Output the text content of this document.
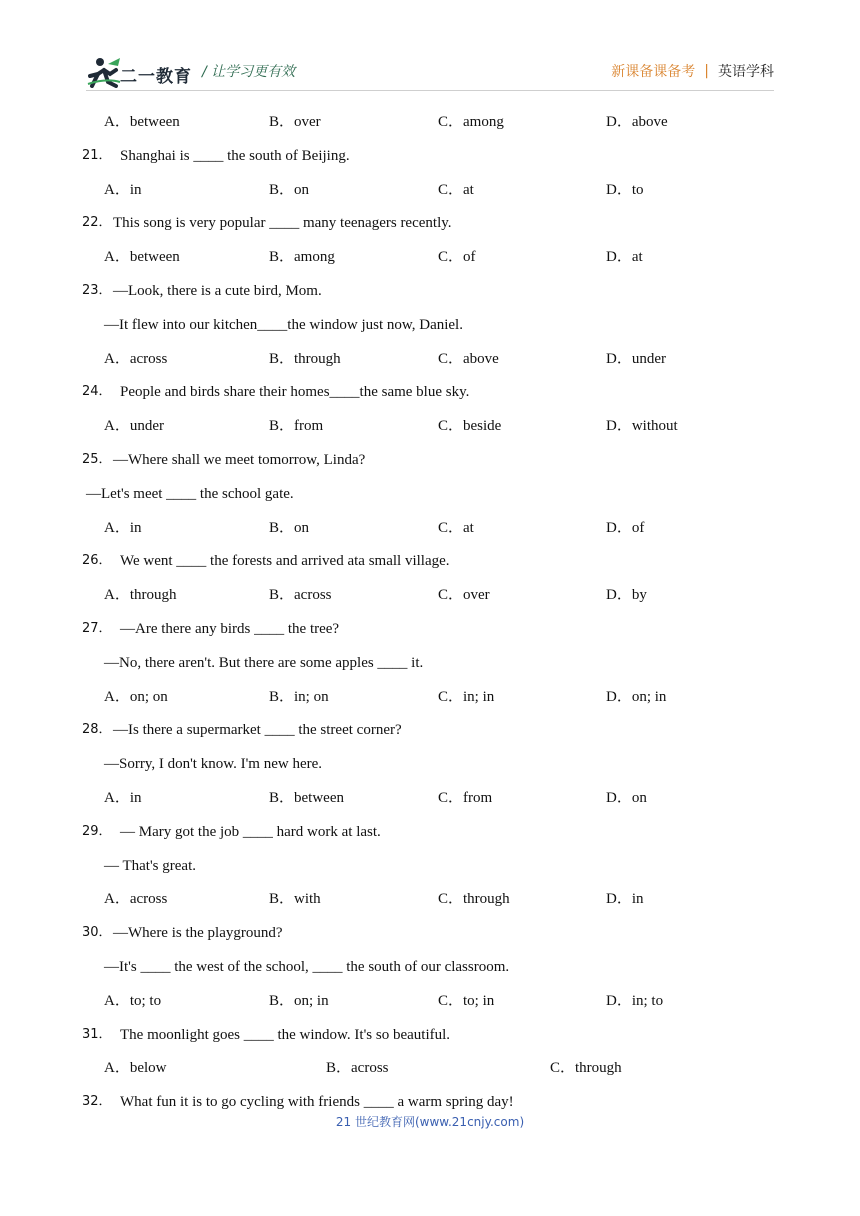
二一教育 / 让学习更有效	新课备课备考 | 英语学科
A．between	B．over	C．among	D．above
21． Shanghai is ____ the south of Beijing.
A．in	B．on	C．at	D．to
22． This song is very popular ____ many teenagers recently.
A．between	B．among	C．of	D．at
23． —Look, there is a cute bird, Mom.
—It flew into our kitchen____the window just now, Daniel.
A．across	B．through	C．above	D．under
24． People and birds share their homes____the same blue sky.
A．under	B．from	C．beside	D．without
25． —Where shall we meet tomorrow, Linda?
—Let's meet ____ the school gate.
A．in	B．on	C．at	D．of
26． We went ____ the forests and arrived ata small village.
A．through	B．across	C．over	D．by
27． —Are there any birds ____ the tree?
—No, there aren't. But there are some apples ____ it.
A．on; on	B．in; on	C．in; in	D．on; in
28． —Is there a supermarket ____ the street corner?
—Sorry, I don't know. I'm new here.
A．in	B．between	C．from	D．on
29． — Mary got the job ____ hard work at last.
— That's great.
A．across	B．with	C．through	D．in
30． —Where is the playground?
—It's ____ the west of the school, ____ the south of our classroom.
A．to; to	B．on; in	C．to; in	D．in; to
31． The moonlight goes ____ the window. It's so beautiful.
A．below	B．across	C．through
32． What fun it is to go cycling with friends ____ a warm spring day!
21 世纪教育网(www.21cnjy.com)
